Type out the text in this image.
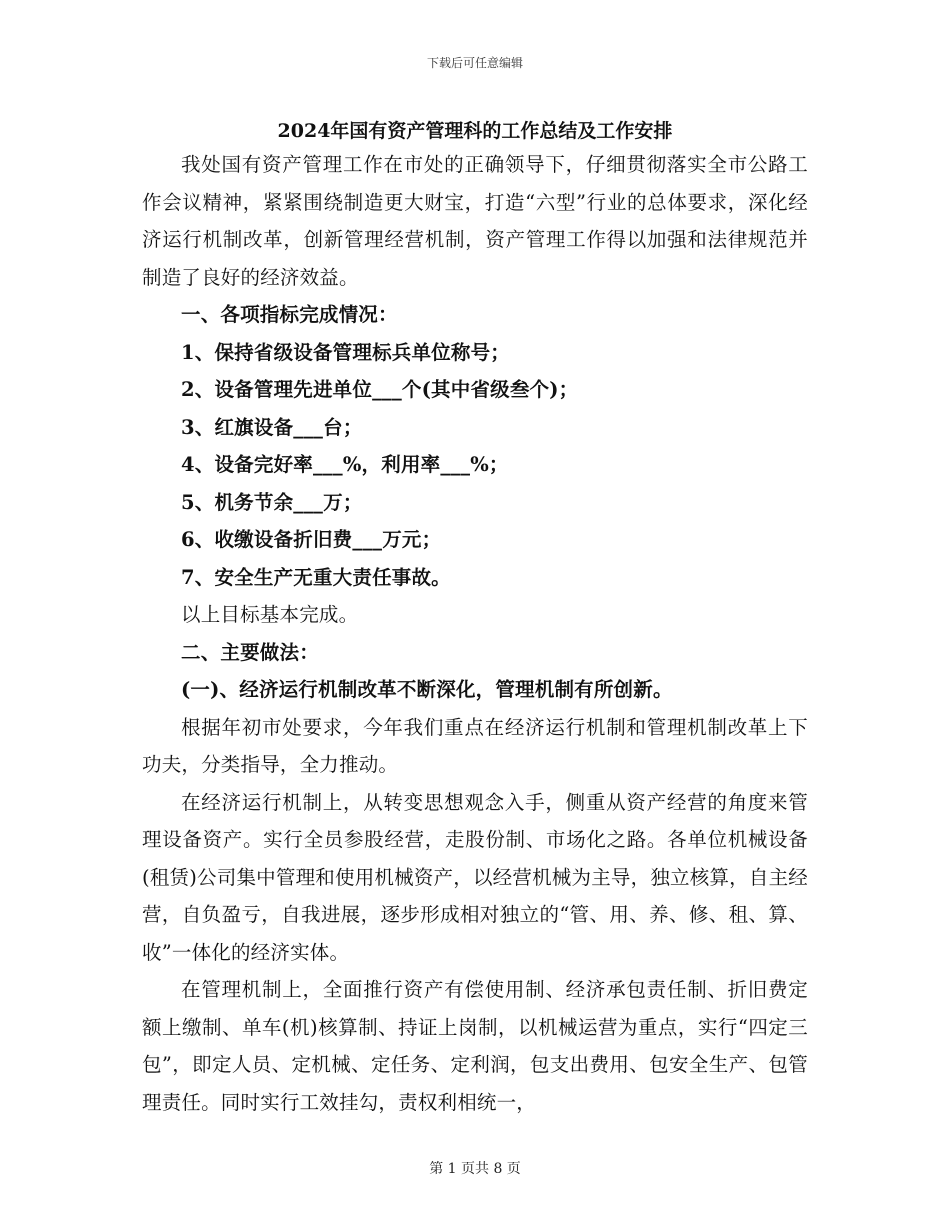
下载后可任意编辑
2024年国有资产管理科的工作总结及工作安排

我处国有资产管理工作在市处的正确领导下，仔细贯彻落实全市公路工作会议精神，紧紧围绕制造更大财宝，打造“六型”行业的总体要求，深化经济运行机制改革，创新管理经营机制，资产管理工作得以加强和法律规范并制造了良好的经济效益。

一、各项指标完成情况：

1、保持省级设备管理标兵单位称号；

2、设备管理先进单位___个(其中省级叁个)；

3、红旗设备___台；

4、设备完好率___%，利用率___%；

5、机务节余___万；

6、收缴设备折旧费___万元；

7、安全生产无重大责任事故。

以上目标基本完成。

二、主要做法：

(一)、经济运行机制改革不断深化，管理机制有所创新。

根据年初市处要求，今年我们重点在经济运行机制和管理机制改革上下功夫，分类指导，全力推动。

在经济运行机制上，从转变思想观念入手，侧重从资产经营的角度来管理设备资产。实行全员参股经营，走股份制、市场化之路。各单位机械设备(租赁)公司集中管理和使用机械资产，以经营机械为主导，独立核算，自主经营，自负盈亏，自我进展，逐步形成相对独立的“管、用、养、修、租、算、收”一体化的经济实体。

在管理机制上，全面推行资产有偿使用制、经济承包责任制、折旧费定额上缴制、单车(机)核算制、持证上岗制，以机械运营为重点，实行“四定三包”，即定人员、定机械、定任务、定利润，包支出费用、包安全生产、包管理责任。同时实行工效挂勾，责权利相统一，

第 1 页共 8 页
